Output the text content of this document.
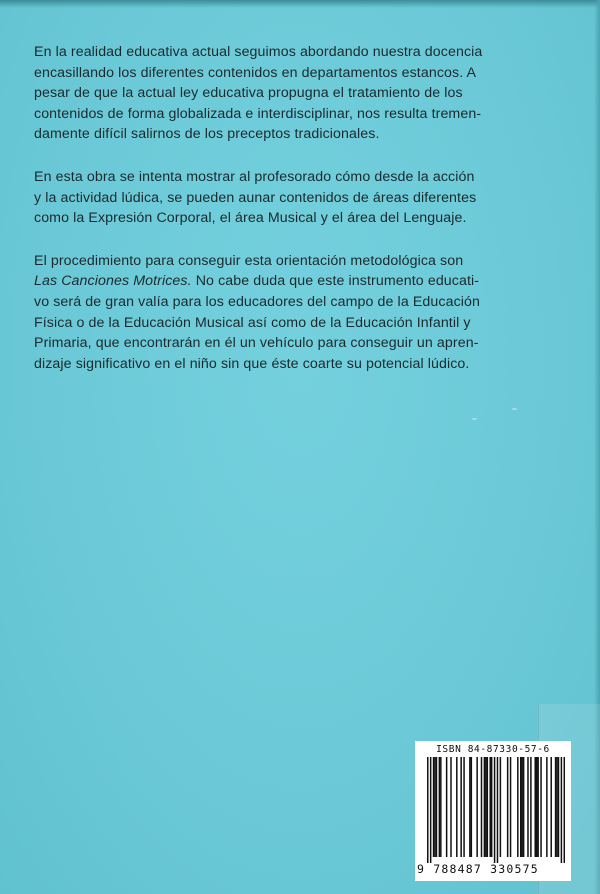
En la realidad educativa actual seguimos abordando nuestra docencia
encasillando los diferentes contenidos en departamentos estancos. A
pesar de que la actual ley educativa propugna el tratamiento de los
contenidos de forma globalizada e interdisciplinar, nos resulta tremen-
damente difícil salirnos de los preceptos tradicionales.

En esta obra se intenta mostrar al profesorado cómo desde la acción
y la actividad lúdica, se pueden aunar contenidos de áreas diferentes
como la Expresión Corporal, el área Musical y el área del Lenguaje.

El procedimiento para conseguir esta orientación metodológica son
Las Canciones Motrices. No cabe duda que este instrumento educati-
vo será de gran valía para los educadores del campo de la Educación
Física o de la Educación Musical así como de la Educación Infantil y
Primaria, que encontrarán en él un vehículo para conseguir un apren-
dizaje significativo en el niño sin que éste coarte su potencial lúdico.

ISBN 84-87330-57-6
9 788487 330575
